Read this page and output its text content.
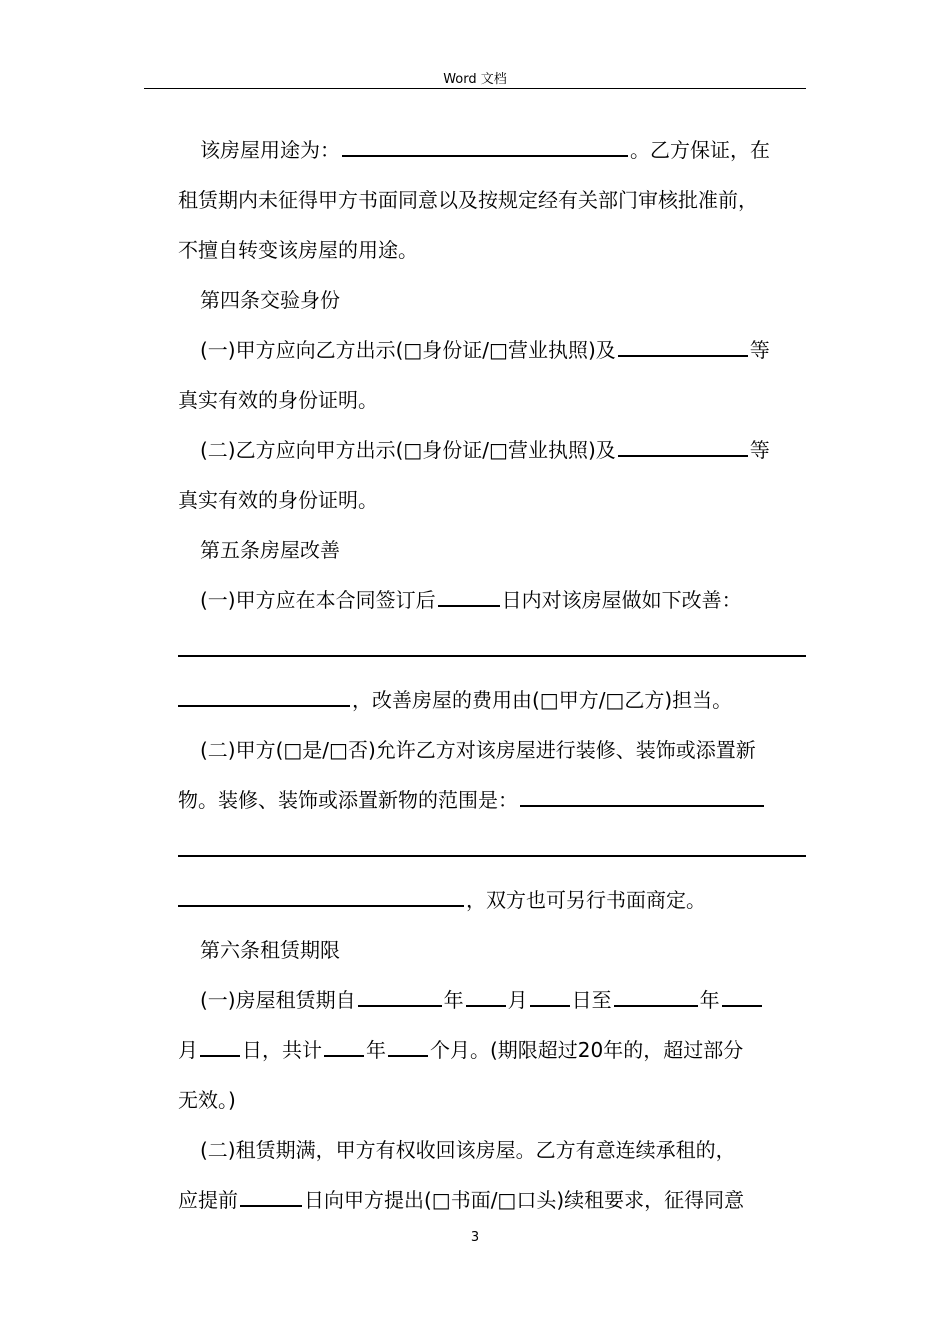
Word 文档
该房屋用途为：	。乙方保证，在
租赁期内未征得甲方书面同意以及按规定经有关部门审核批准前，
不擅自转变该房屋的用途。
第四条交验身份
(一)甲方应向乙方出示(□身份证/□营业执照)及	等
真实有效的身份证明。
(二)乙方应向甲方出示(□身份证/□营业执照)及	等
真实有效的身份证明。
第五条房屋改善
(一)甲方应在本合同签订后	日内对该房屋做如下改善：
，改善房屋的费用由(□甲方/□乙方)担当。
(二)甲方(□是/□否)允许乙方对该房屋进行装修、装饰或添置新
物。装修、装饰或添置新物的范围是：
，双方也可另行书面商定。
第六条租赁期限
(一)房屋租赁期自	年 月 日至	年
月 日，共计 年 个月。(期限超过20年的，超过部分
无效。)
(二)租赁期满，甲方有权收回该房屋。乙方有意连续承租的，
应提前	日向甲方提出(□书面/□口头)续租要求，征得同意
3
